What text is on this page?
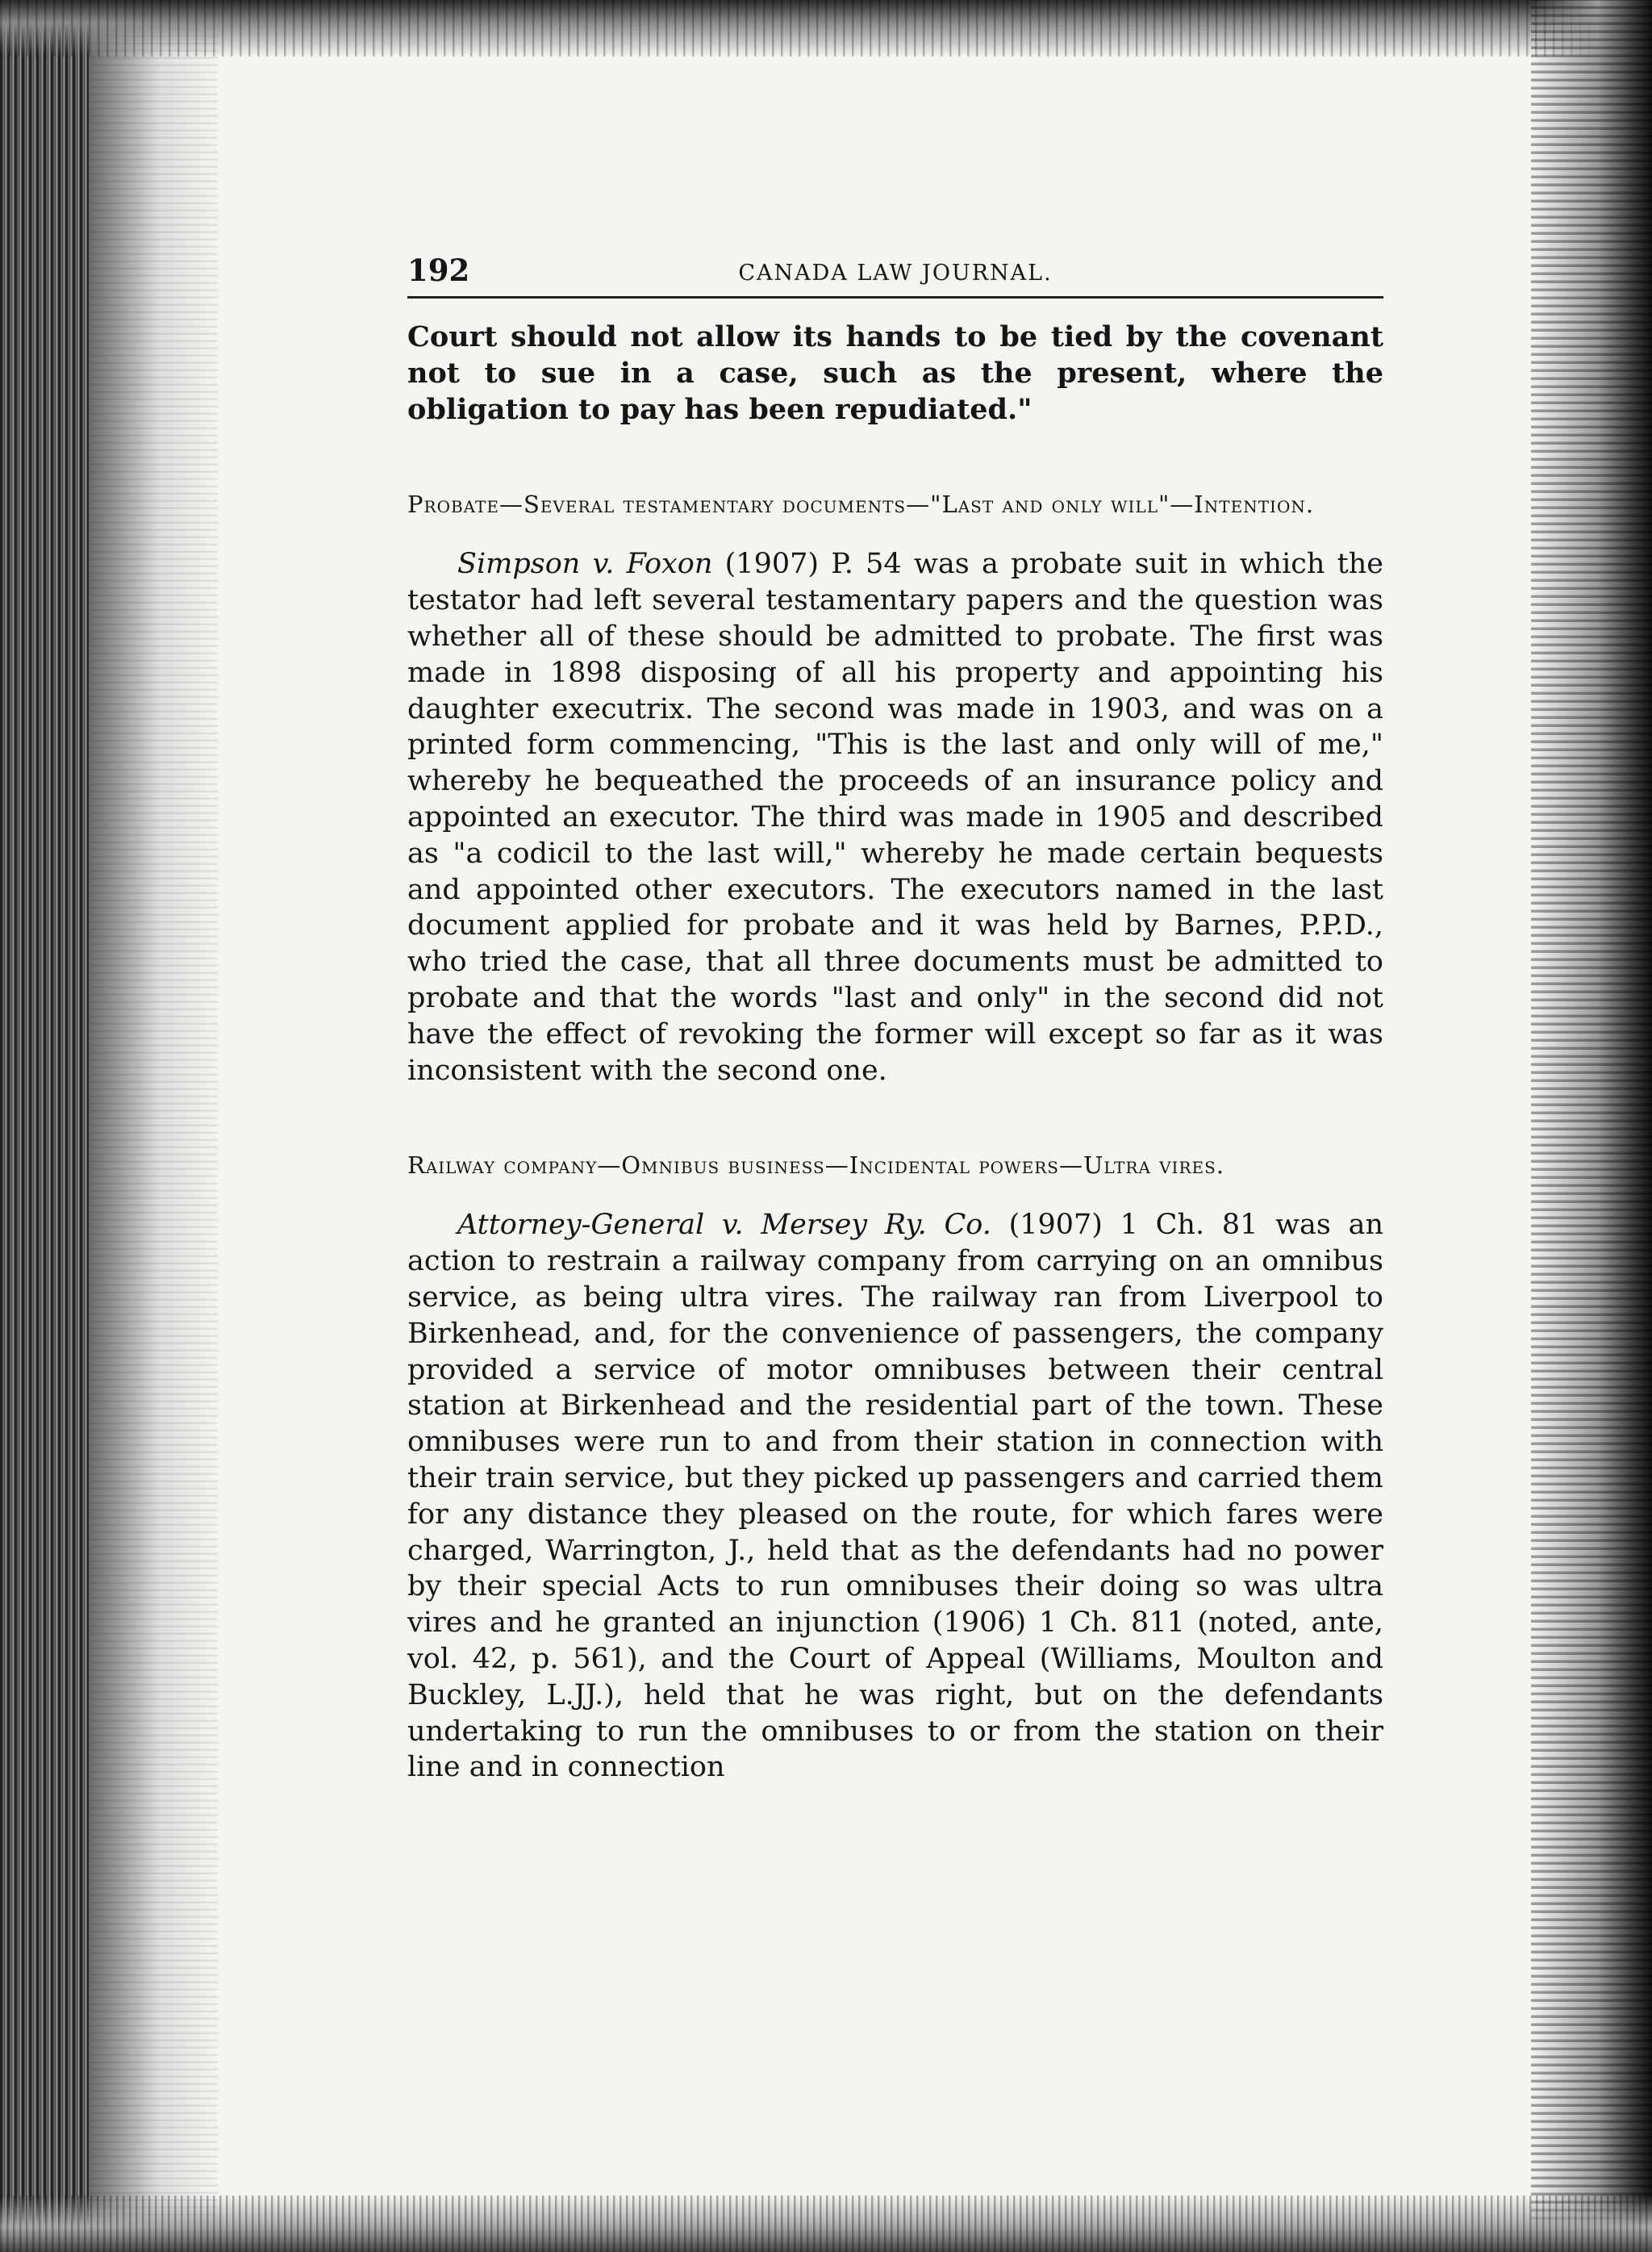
192	CANADA LAW JOURNAL.

Court should not allow its hands to be tied by the covenant not to sue in a case, such as the present, where the obligation to pay has been repudiated."

Probate—Several testamentary documents—"Last and only will"—Intention.

Simpson v. Foxon (1907) P. 54 was a probate suit in which the testator had left several testamentary papers and the question was whether all of these should be admitted to probate. The first was made in 1898 disposing of all his property and appointing his daughter executrix. The second was made in 1903, and was on a printed form commencing, "This is the last and only will of me," whereby he bequeathed the proceeds of an insurance policy and appointed an executor. The third was made in 1905 and described as "a codicil to the last will," whereby he made certain bequests and appointed other executors. The executors named in the last document applied for probate and it was held by Barnes, P.P.D., who tried the case, that all three documents must be admitted to probate and that the words "last and only" in the second did not have the effect of revoking the former will except so far as it was inconsistent with the second one.

Railway company—Omnibus business—Incidental powers—Ultra vires.

Attorney-General v. Mersey Ry. Co. (1907) 1 Ch. 81 was an action to restrain a railway company from carrying on an omnibus service, as being ultra vires. The railway ran from Liverpool to Birkenhead, and, for the convenience of passengers, the company provided a service of motor omnibuses between their central station at Birkenhead and the residential part of the town. These omnibuses were run to and from their station in connection with their train service, but they picked up passengers and carried them for any distance they pleased on the route, for which fares were charged, Warrington, J., held that as the defendants had no power by their special Acts to run omnibuses their doing so was ultra vires and he granted an injunction (1906) 1 Ch. 811 (noted, ante, vol. 42, p. 561), and the Court of Appeal (Williams, Moulton and Buckley, L.JJ.), held that he was right, but on the defendants undertaking to run the omnibuses to or from the station on their line and in connection
